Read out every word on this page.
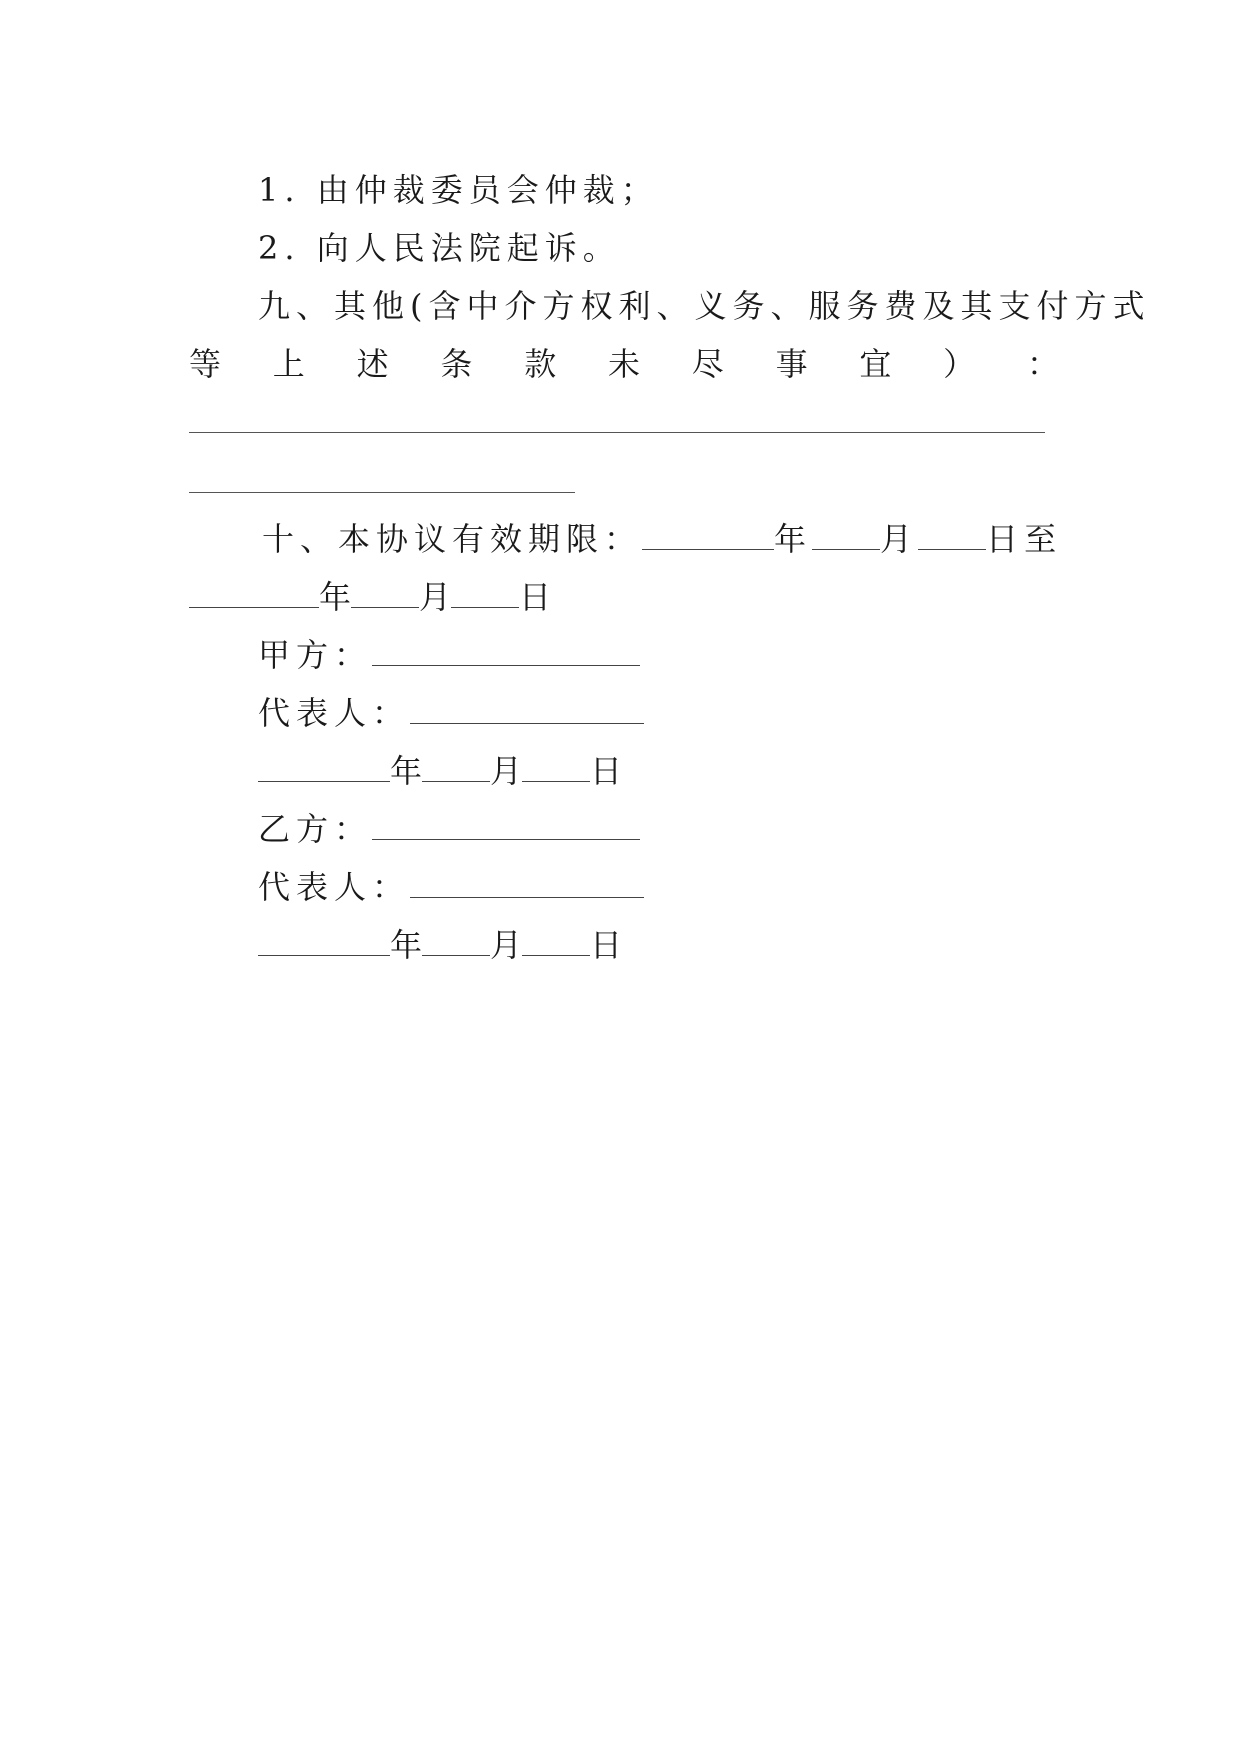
1. 由仲裁委员会仲裁；
2. 向人民法院起诉。
九、其他(含中介方权利、义务、服务费及其支付方式
等 上 述 条 款 未 尽 事 宜 ） ：
十、本协议有效期限：	年 月 日至
年 月 日
甲方：
代表人：
年 月 日
乙方：
代表人：
年 月 日
